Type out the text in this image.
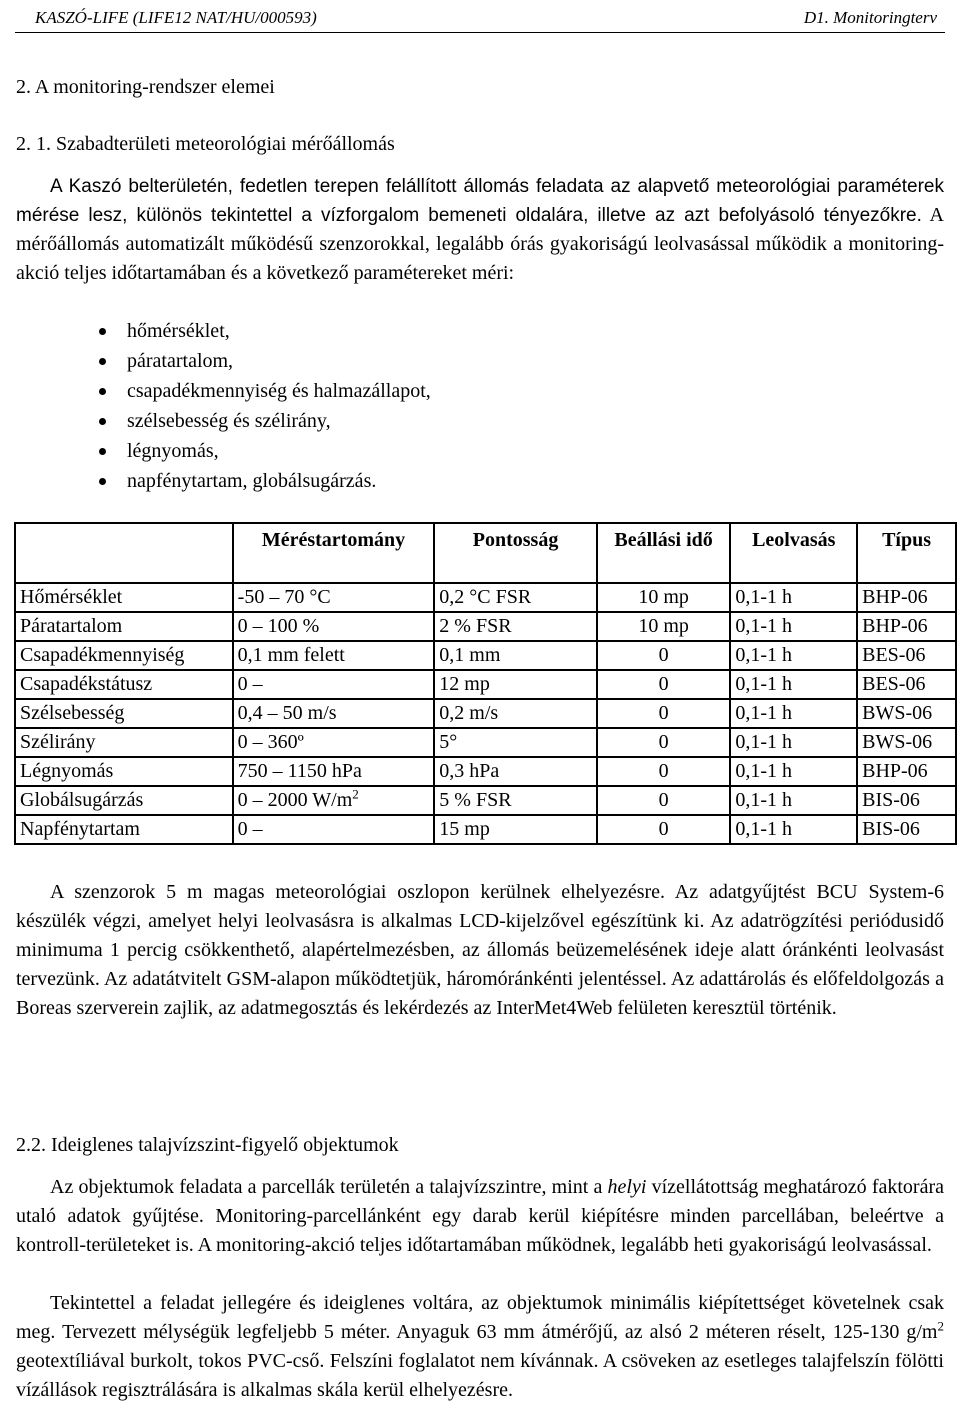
KASZÓ-LIFE (LIFE12 NAT/HU/000593)	D1. Monitoringterv
2. A monitoring-rendszer elemei
2. 1. Szabadterületi meteorológiai mérőállomás

A Kaszó belterületén, fedetlen terepen felállított állomás feladata az alapvető meteorológiai paraméterek mérése lesz, különös tekintettel a vízforgalom bemeneti oldalára, illetve az azt befolyásoló tényezőkre. A mérőállomás automatizált működésű szenzorokkal, legalább órás gyakoriságú leolvasással működik a monitoring-akció teljes időtartamában és a következő paramétereket méri:

hőmérséklet,
páratartalom,
csapadékmennyiség és halmazállapot,
szélsebesség és szélirány,
légnyomás,
napfénytartam, globálsugárzás.
	Méréstartomány	Pontosság	Beállási idő	Leolvasás	Típus
Hőmérséklet	-50 – 70 °C	0,2 °C FSR	10 mp	0,1-1 h	BHP-06
Páratartalom	0 – 100 %	2 % FSR	10 mp	0,1-1 h	BHP-06
Csapadékmennyiség	0,1 mm felett	0,1 mm	0	0,1-1 h	BES-06
Csapadékstátusz	0 –	12 mp	0	0,1-1 h	BES-06
Szélsebesség	0,4 – 50 m/s	0,2 m/s	0	0,1-1 h	BWS-06
Szélirány	0 – 360º	5°	0	0,1-1 h	BWS-06
Légnyomás	750 – 1150 hPa	0,3 hPa	0	0,1-1 h	BHP-06
Globálsugárzás	0 – 2000 $W/m^2$	5 % FSR	0	0,1-1 h	BIS-06
Napfénytartam	0 –	15 mp	0	0,1-1 h	BIS-06

A szenzorok 5 m magas meteorológiai oszlopon kerülnek elhelyezésre. Az adatgyűjtést BCU System-6 készülék végzi, amelyet helyi leolvasásra is alkalmas LCD-kijelzővel egészítünk ki. Az adatrögzítési periódusidő minimuma 1 percig csökkenthető, alapértelmezésben, az állomás beüzemelésének ideje alatt óránkénti leolvasást tervezünk. Az adatátvitelt GSM-alapon működtetjük, háromóránkénti jelentéssel. Az adattárolás és előfeldolgozás a Boreas szerverein zajlik, az adatmegosztás és lekérdezés az InterMet4Web felületen keresztül történik.

2.2. Ideiglenes talajvízszint-figyelő objektumok

Az objektumok feladata a parcellák területén a talajvízszintre, mint a helyi vízellátottság meghatározó faktorára utaló adatok gyűjtése. Monitoring-parcellánként egy darab kerül kiépítésre minden parcellában, beleértve a kontroll-területeket is. A monitoring-akció teljes időtartamában működnek, legalább heti gyakoriságú leolvasással.

Tekintettel a feladat jellegére és ideiglenes voltára, az objektumok minimális kiépítettséget követelnek csak meg. Tervezett mélységük legfeljebb 5 méter. Anyaguk 63 mm átmérőjű, az alsó 2 méteren réselt, 125-130 $g/m^2$ geotextíliával burkolt, tokos PVC-cső. Felszíni foglalatot nem kívánnak. A csöveken az esetleges talajfelszín fölötti vízállások regisztrálására is alkalmas skála kerül elhelyezésre.
